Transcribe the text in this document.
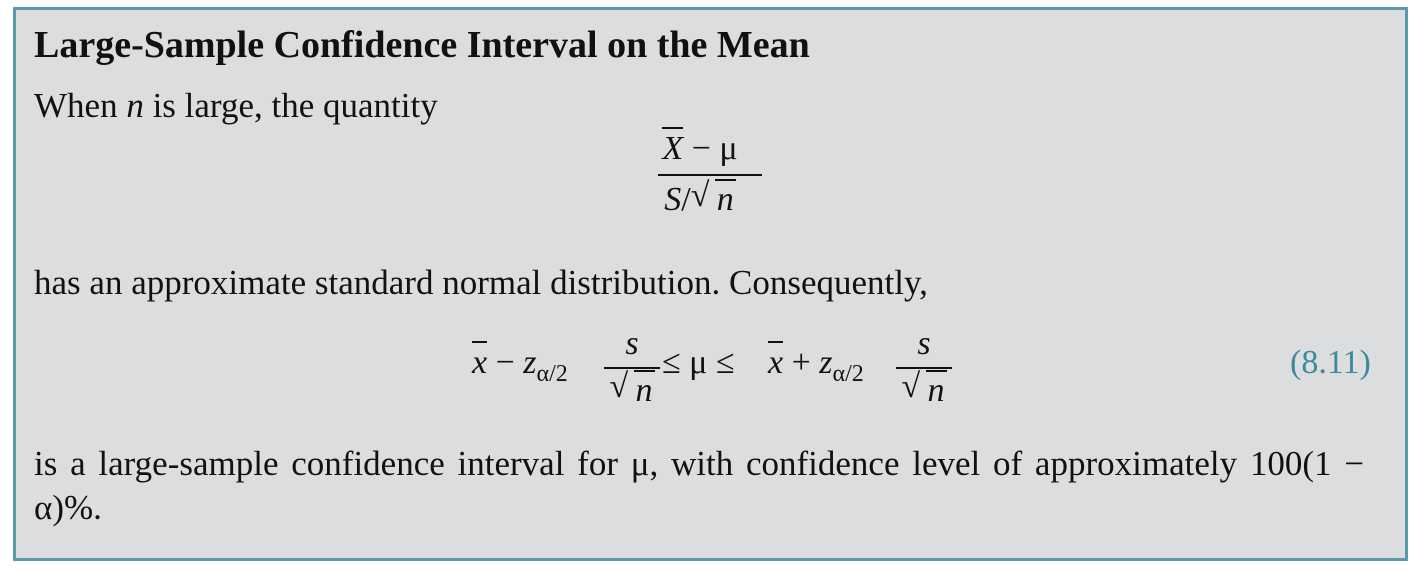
Large-Sample Confidence Interval on the Mean
When n is large, the quantity
X − μ
S/ √ n
has an approximate standard normal distribution. Consequently,
$x - z_{\alpha/2}$
s
√ n
≤ $\mu \le x + z_{\alpha/2}$
s
√ n
(8.11)
is a large-sample confidence interval for μ, with confidence level of approximately 100(1 − α)%.
